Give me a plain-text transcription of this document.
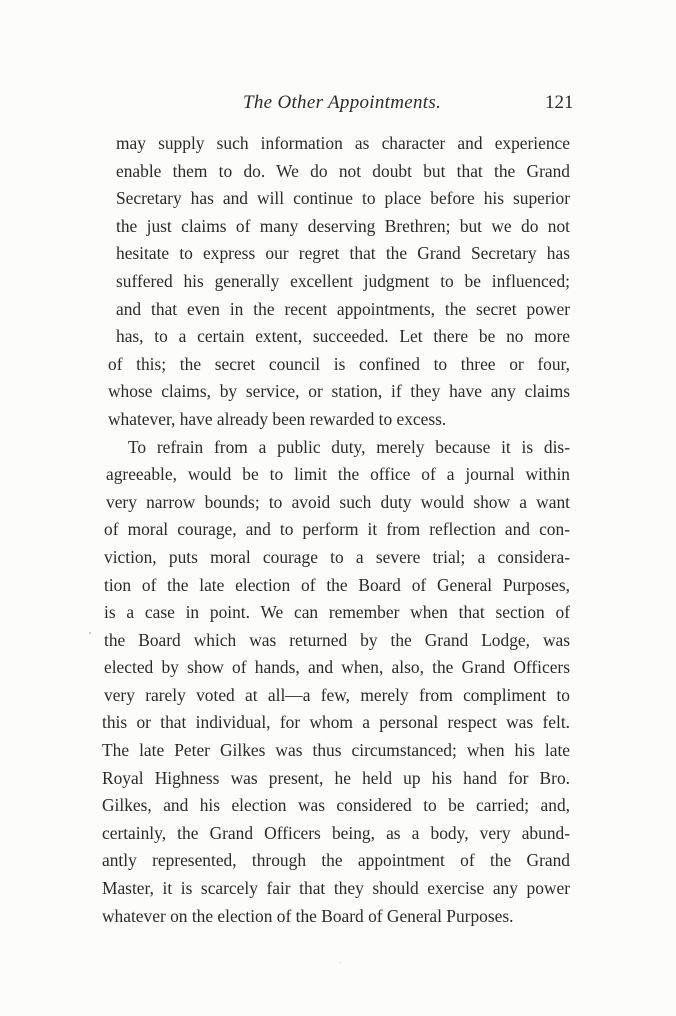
The Other Appointments.	121
may supply such information as character and experience
enable them to do. We do not doubt but that the Grand
Secretary has and will continue to place before his superior
the just claims of many deserving Brethren; but we do not
hesitate to express our regret that the Grand Secretary has
suffered his generally excellent judgment to be influenced;
and that even in the recent appointments, the secret power
has, to a certain extent, succeeded. Let there be no more
of this; the secret council is confined to three or four,
whose claims, by service, or station, if they have any claims
whatever, have already been rewarded to excess.
To refrain from a public duty, merely because it is dis-
agreeable, would be to limit the office of a journal within
very narrow bounds; to avoid such duty would show a want
of moral courage, and to perform it from reflection and con-
viction, puts moral courage to a severe trial; a considera-
tion of the late election of the Board of General Purposes,
is a case in point. We can remember when that section of
the Board which was returned by the Grand Lodge, was
elected by show of hands, and when, also, the Grand Officers
very rarely voted at all—a few, merely from compliment to
this or that individual, for whom a personal respect was felt.
The late Peter Gilkes was thus circumstanced; when his late
Royal Highness was present, he held up his hand for Bro.
Gilkes, and his election was considered to be carried; and,
certainly, the Grand Officers being, as a body, very abund-
antly represented, through the appointment of the Grand
Master, it is scarcely fair that they should exercise any power
whatever on the election of the Board of General Purposes.
